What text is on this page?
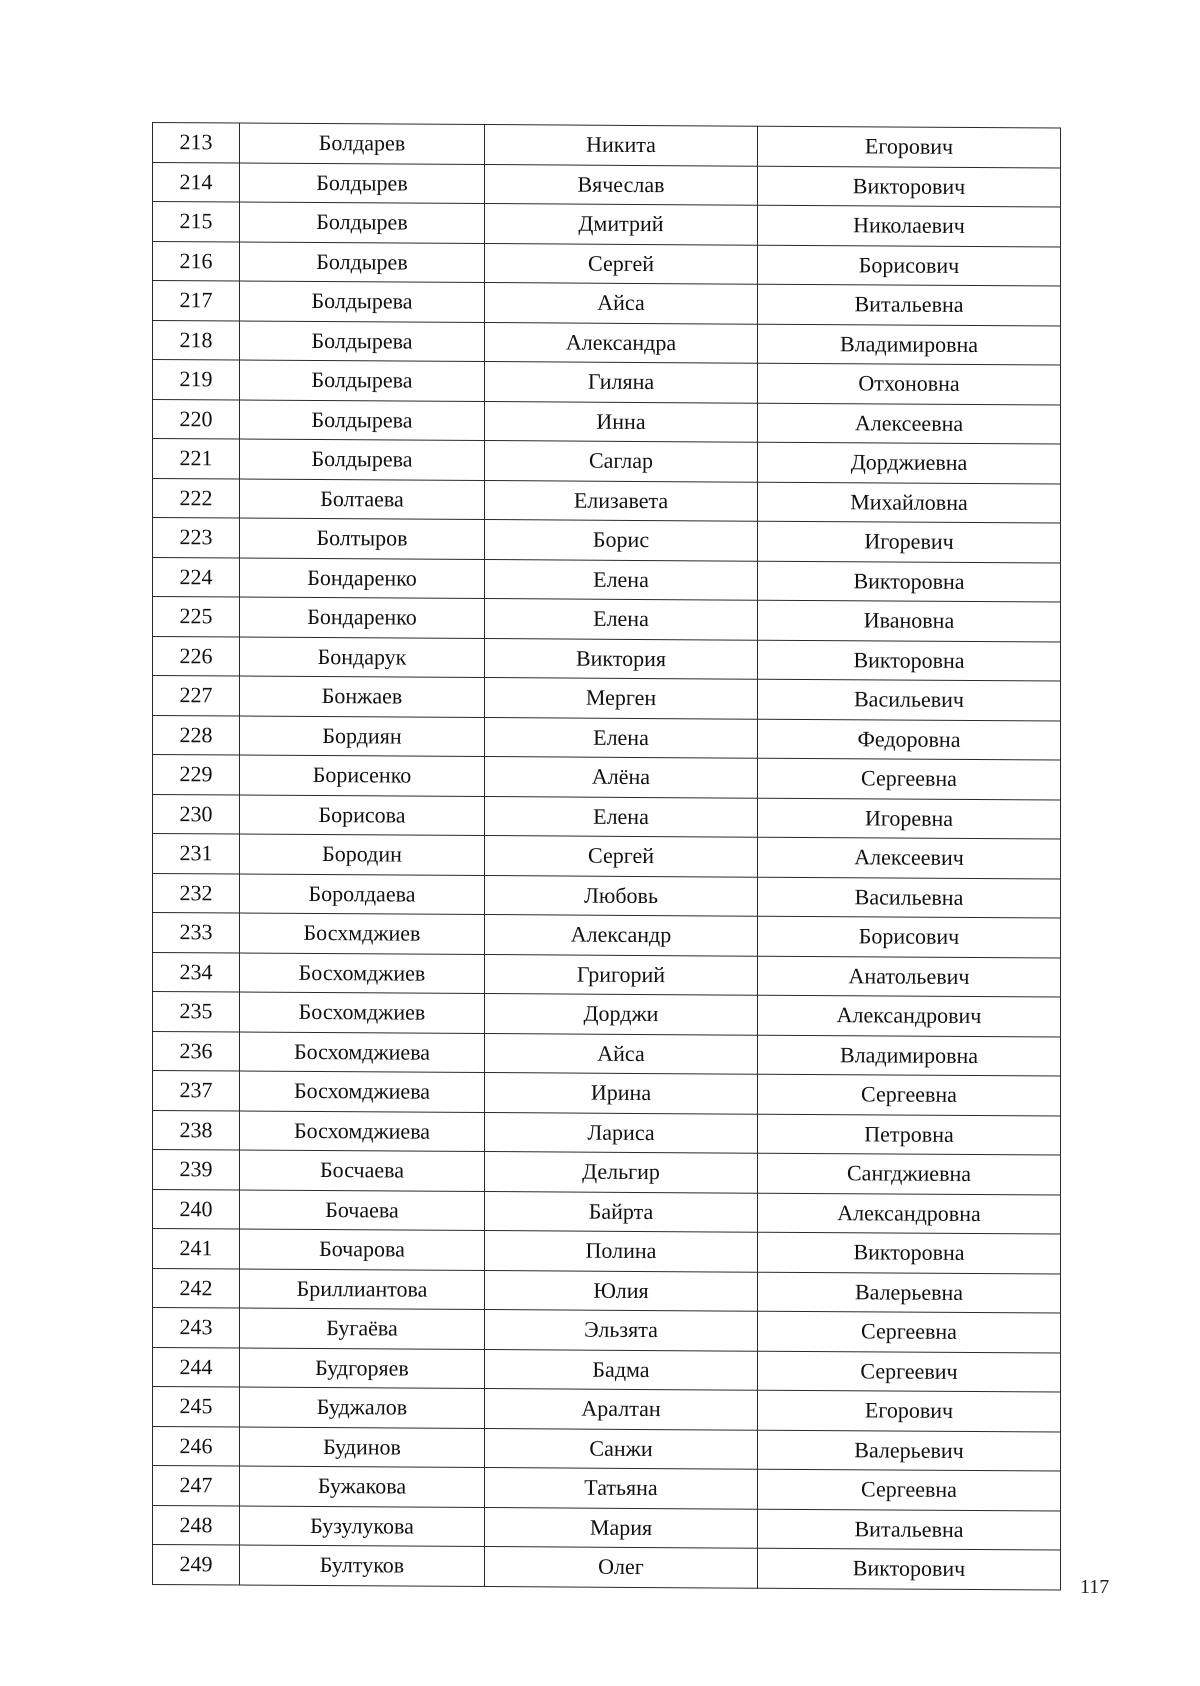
213	Болдарев	Никита	Егорович
214	Болдырев	Вячеслав	Викторович
215	Болдырев	Дмитрий	Николаевич
216	Болдырев	Сергей	Борисович
217	Болдырева	Айса	Витальевна
218	Болдырева	Александра	Владимировна
219	Болдырева	Гиляна	Отхоновна
220	Болдырева	Инна	Алексеевна
221	Болдырева	Саглар	Дорджиевна
222	Болтаева	Елизавета	Михайловна
223	Болтыров	Борис	Игоревич
224	Бондаренко	Елена	Викторовна
225	Бондаренко	Елена	Ивановна
226	Бондарук	Виктория	Викторовна
227	Бонжаев	Мерген	Васильевич
228	Бордиян	Елена	Федоровна
229	Борисенко	Алёна	Сергеевна
230	Борисова	Елена	Игоревна
231	Бородин	Сергей	Алексеевич
232	Боролдаева	Любовь	Васильевна
233	Босхмджиев	Александр	Борисович
234	Босхомджиев	Григорий	Анатольевич
235	Босхомджиев	Дорджи	Александрович
236	Босхомджиева	Айса	Владимировна
237	Босхомджиева	Ирина	Сергеевна
238	Босхомджиева	Лариса	Петровна
239	Босчаева	Дельгир	Сангджиевна
240	Бочаева	Байрта	Александровна
241	Бочарова	Полина	Викторовна
242	Бриллиантова	Юлия	Валерьевна
243	Бугаёва	Эльзята	Сергеевна
244	Будгоряев	Бадма	Сергеевич
245	Буджалов	Аралтан	Егорович
246	Будинов	Санжи	Валерьевич
247	Бужакова	Татьяна	Сергеевна
248	Бузулукова	Мария	Витальевна
249	Бултуков	Олег	Викторович
117
